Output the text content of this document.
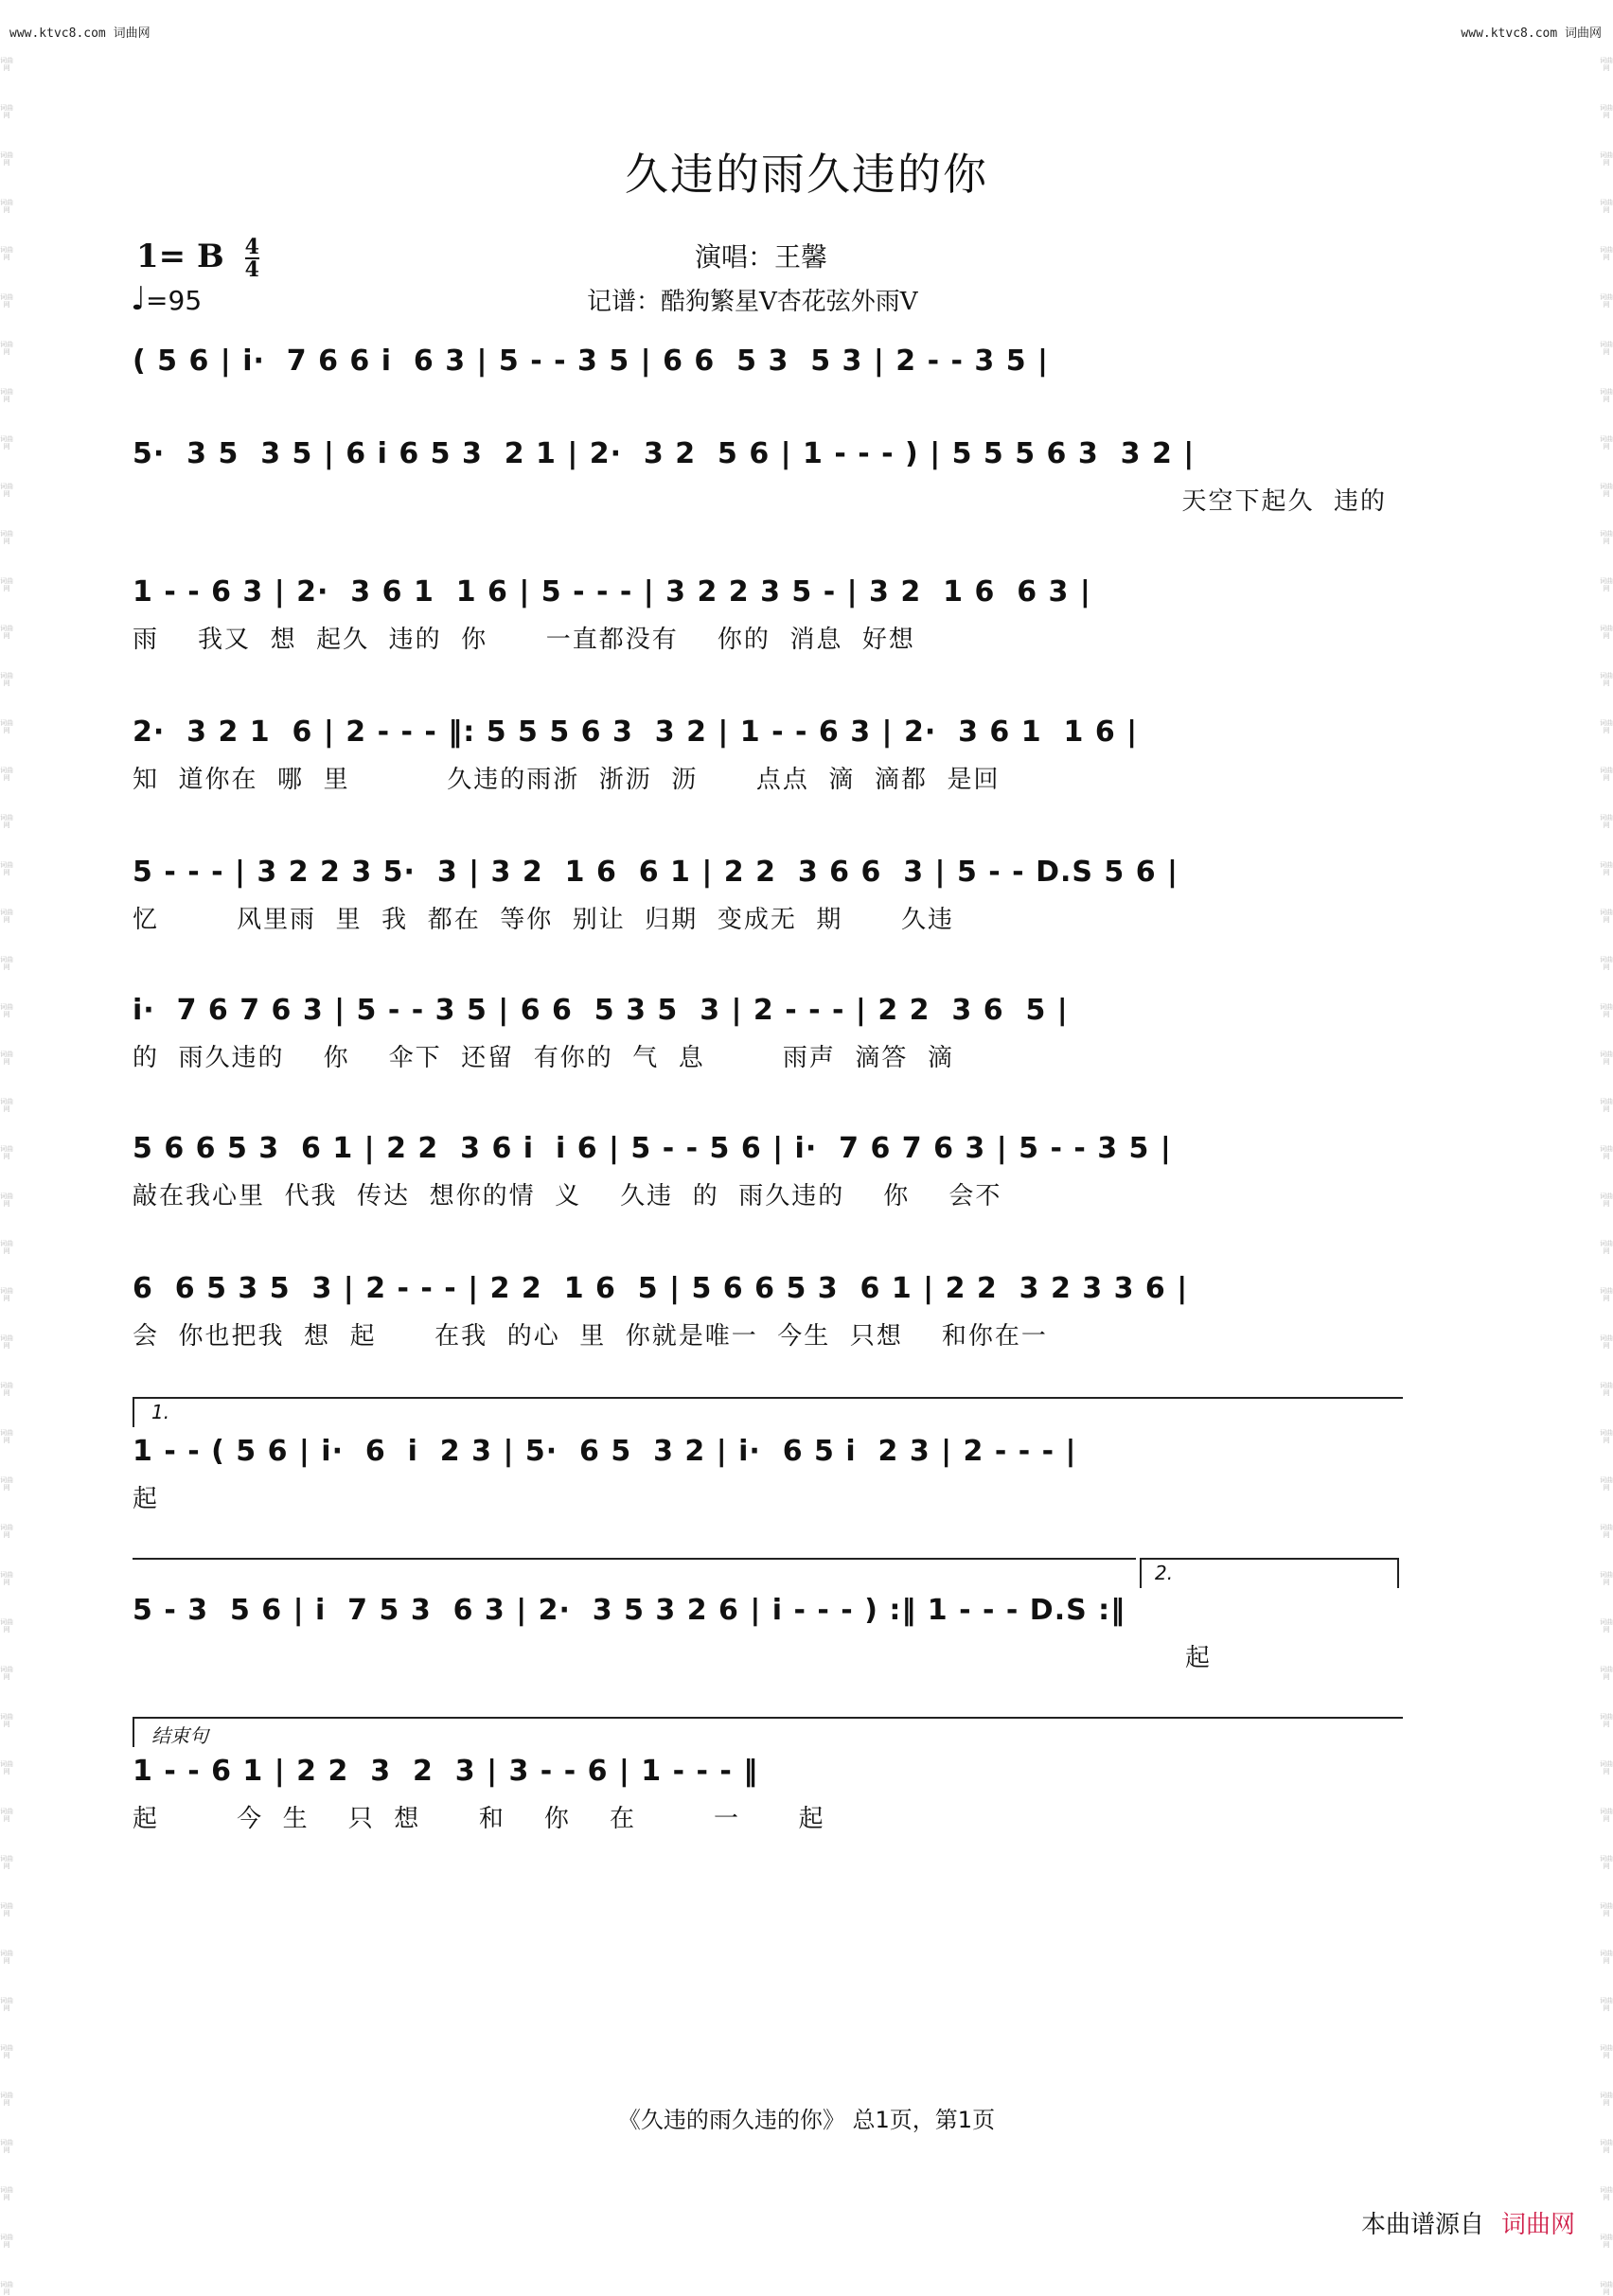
www.ktvc8.com 词曲网	www.ktvc8.com 词曲网
词曲网
词曲网
词曲网
词曲网
词曲网
词曲网
词曲网
词曲网
词曲网
词曲网
词曲网
词曲网
词曲网
词曲网
词曲网
词曲网
词曲网
词曲网
词曲网
词曲网
词曲网
词曲网
词曲网
词曲网
词曲网
词曲网
词曲网
词曲网
词曲网
词曲网
词曲网
词曲网
词曲网
词曲网
词曲网
词曲网
词曲网
词曲网
词曲网
词曲网
词曲网
词曲网
词曲网
词曲网
词曲网
词曲网
词曲网
词曲网
词曲网
词曲网
词曲网
词曲网
词曲网
词曲网
词曲网
词曲网
词曲网
词曲网
词曲网
词曲网
词曲网
词曲网
词曲网
词曲网
词曲网
词曲网
词曲网
词曲网
词曲网
词曲网
词曲网
词曲网
词曲网
词曲网
词曲网
词曲网
词曲网
词曲网
词曲网
词曲网
词曲网
词曲网
词曲网
词曲网
词曲网
词曲网
词曲网
词曲网
词曲网
词曲网
词曲网
词曲网
词曲网
词曲网
词曲网
词曲网
久违的雨久违的你
1= B $\frac{4}{4}$
♩=95
演唱：王馨
记谱：酷狗繁星V杏花弦外雨V
( 5 6 | i·  7 6 6 i  6 3 | 5 - - 3 5 | 6 6  5 3  5 3 | 2 - - 3 5 |
5·  3 5  3 5 | 6 i 6 5 3  2 1 | 2·  3 2  5 6 | 1 - - - ) | 5 5 5 6 3  3 2 |
天空下起久  违的
1 - - 6 3 | 2·  3 6 1  1 6 | 5 - - - | 3 2 2 3 5 - | 3 2  1 6  6 3 |
雨    我又  想  起久  违的  你      一直都没有    你的  消息  好想
2·  3 2 1  6 | 2 - - - ‖: 5 5 5 6 3  3 2 | 1 - - 6 3 | 2·  3 6 1  1 6 |
知  道你在  哪  里          久违的雨浙  浙沥  沥      点点  滴  滴都  是回
5 - - - | 3 2 2 3 5·  3 | 3 2  1 6  6 1 | 2 2  3 6 6  3 | 5 - - D.S 5 6 |
忆        风里雨  里  我  都在  等你  别让  归期  变成无  期      久违
i·  7 6 7 6 3 | 5 - - 3 5 | 6 6  5 3 5  3 | 2 - - - | 2 2  3 6  5 |
的  雨久违的    你    伞下  还留  有你的  气  息        雨声  滴答  滴
5 6 6 5 3  6 1 | 2 2  3 6 i  i 6 | 5 - - 5 6 | i·  7 6 7 6 3 | 5 - - 3 5 |
敲在我心里  代我  传达  想你的情  义    久违  的  雨久违的    你    会不
6  6 5 3 5  3 | 2 - - - | 2 2  1 6  5 | 5 6 6 5 3  6 1 | 2 2  3 2 3 3 6 |
会  你也把我  想  起      在我  的心  里  你就是唯一  今生  只想    和你在一
1.
1 - - ( 5 6 | i·  6  i  2 3 | 5·  6 5  3 2 | i·  6 5 i  2 3 | 2 - - - |
起
2.
5 - 3  5 6 | i  7 5 3  6 3 | 2·  3 5 3 2 6 | i - - - ) :‖ 1 - - - D.S :‖
起
结束句
1 - - 6 1 | 2 2  3  2  3 | 3 - - 6 | 1 - - - ‖
起        今  生    只  想      和    你    在        一      起
《久违的雨久违的你》 总1页，第1页
本曲谱源自 词曲网
